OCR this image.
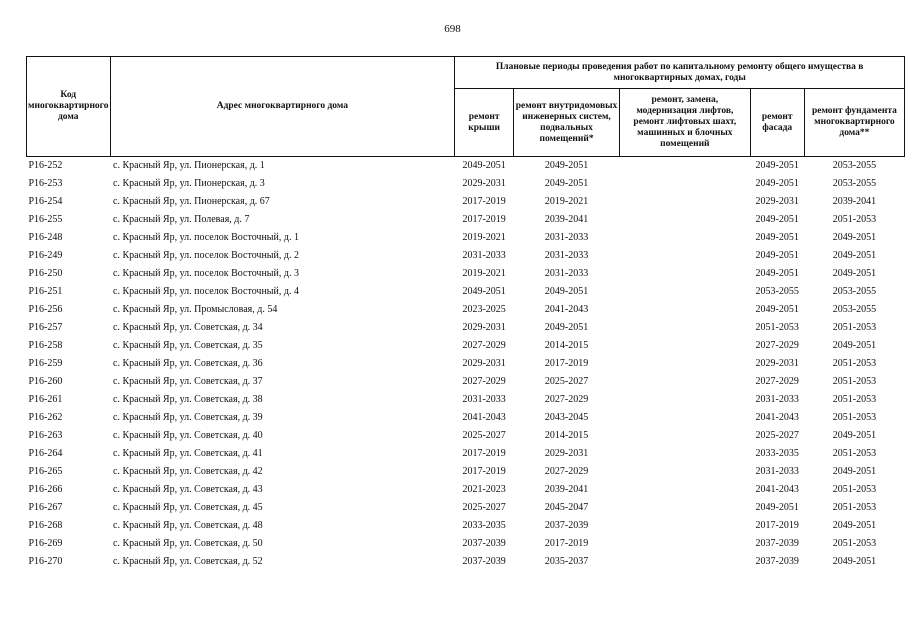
698
Код многоквартирного дома	Адрес многоквартирного дома	Плановые периоды проведения работ по капитальному ремонту общего имущества в многоквартирных домах, годы				
		ремонт крыши	ремонт внутридомовых инженерных систем, подвальных помещений*	ремонт, замена, модернизация лифтов, ремонт лифтовых шахт, машинных и блочных помещений	ремонт фасада	ремонт фундамента многоквартирного дома**
P16-252	с. Красный Яр, ул. Пионерская, д. 1	2049-2051	2049-2051		2049-2051	2053-2055
P16-253	с. Красный Яр, ул. Пионерская, д. 3	2029-2031	2049-2051		2049-2051	2053-2055
P16-254	с. Красный Яр, ул. Пионерская, д. 67	2017-2019	2019-2021		2029-2031	2039-2041
P16-255	с. Красный Яр, ул. Полевая, д. 7	2017-2019	2039-2041		2049-2051	2051-2053
P16-248	с. Красный Яр, ул. поселок Восточный, д. 1	2019-2021	2031-2033		2049-2051	2049-2051
P16-249	с. Красный Яр, ул. поселок Восточный, д. 2	2031-2033	2031-2033		2049-2051	2049-2051
P16-250	с. Красный Яр, ул. поселок Восточный, д. 3	2019-2021	2031-2033		2049-2051	2049-2051
P16-251	с. Красный Яр, ул. поселок Восточный, д. 4	2049-2051	2049-2051		2053-2055	2053-2055
P16-256	с. Красный Яр, ул. Промысловая, д. 54	2023-2025	2041-2043		2049-2051	2053-2055
P16-257	с. Красный Яр, ул. Советская, д. 34	2029-2031	2049-2051		2051-2053	2051-2053
P16-258	с. Красный Яр, ул. Советская, д. 35	2027-2029	2014-2015		2027-2029	2049-2051
P16-259	с. Красный Яр, ул. Советская, д. 36	2029-2031	2017-2019		2029-2031	2051-2053
P16-260	с. Красный Яр, ул. Советская, д. 37	2027-2029	2025-2027		2027-2029	2051-2053
P16-261	с. Красный Яр, ул. Советская, д. 38	2031-2033	2027-2029		2031-2033	2051-2053
P16-262	с. Красный Яр, ул. Советская, д. 39	2041-2043	2043-2045		2041-2043	2051-2053
P16-263	с. Красный Яр, ул. Советская, д. 40	2025-2027	2014-2015		2025-2027	2049-2051
P16-264	с. Красный Яр, ул. Советская, д. 41	2017-2019	2029-2031		2033-2035	2051-2053
P16-265	с. Красный Яр, ул. Советская, д. 42	2017-2019	2027-2029		2031-2033	2049-2051
P16-266	с. Красный Яр, ул. Советская, д. 43	2021-2023	2039-2041		2041-2043	2051-2053
P16-267	с. Красный Яр, ул. Советская, д. 45	2025-2027	2045-2047		2049-2051	2051-2053
P16-268	с. Красный Яр, ул. Советская, д. 48	2033-2035	2037-2039		2017-2019	2049-2051
P16-269	с. Красный Яр, ул. Советская, д. 50	2037-2039	2017-2019		2037-2039	2051-2053
P16-270	с. Красный Яр, ул. Советская, д. 52	2037-2039	2035-2037		2037-2039	2049-2051
